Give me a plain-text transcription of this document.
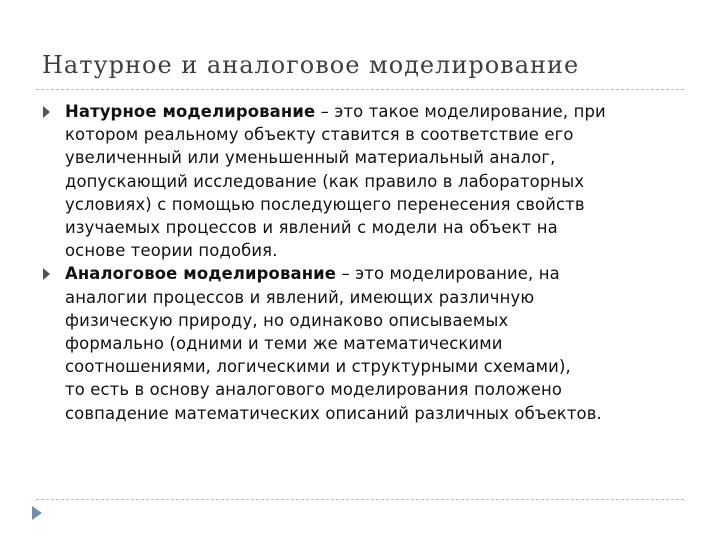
Натурное и аналоговое моделирование
Натурное моделирование – это такое моделирование, при
котором реальному объекту ставится в соответствие его
увеличенный или уменьшенный материальный аналог,
допускающий исследование (как правило в лабораторных
условиях) с помощью последующего перенесения свойств
изучаемых процессов и явлений с модели на объект на
основе теории подобия.
Аналоговое моделирование – это моделирование, на
аналогии процессов и явлений, имеющих различную
физическую природу, но одинаково описываемых
формально (одними и теми же математическими
соотношениями, логическими и структурными схемами),
то есть в основу аналогового моделирования положено
совпадение математических описаний различных объектов.
